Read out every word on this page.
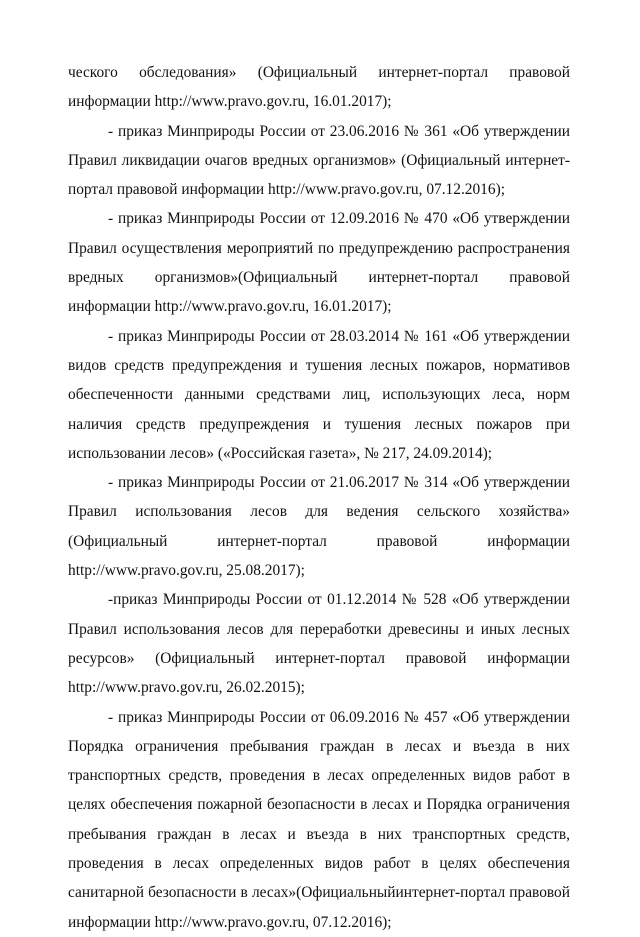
ческого обследования» (Официальный интернет-портал правовой информации http://www.pravo.gov.ru, 16.01.2017);

- приказ Минприроды России от 23.06.2016 № 361 «Об утверждении Правил ликвидации очагов вредных организмов» (Официальный интернет-портал правовой информации http://www.pravo.gov.ru, 07.12.2016);

- приказ Минприроды России от 12.09.2016 № 470 «Об утверждении Правил осуществления мероприятий по предупреждению распространения вредных организмов»(Официальный интернет-портал правовой информации http://www.pravo.gov.ru, 16.01.2017);

- приказ Минприроды России от 28.03.2014 № 161 «Об утверждении видов средств предупреждения и тушения лесных пожаров, нормативов обеспеченности данными средствами лиц, использующих леса, норм наличия средств предупреждения и тушения лесных пожаров при использовании лесов» («Российская газета», № 217, 24.09.2014);

- приказ Минприроды России от 21.06.2017 № 314 «Об утверждении Правил использования лесов для ведения сельского хозяйства» (Официальный интернет-портал правовой информации http://www.pravo.gov.ru, 25.08.2017);

-приказ Минприроды России от 01.12.2014 № 528 «Об утверждении Правил использования лесов для переработки древесины и иных лесных ресурсов» (Официальный интернет-портал правовой информации http://www.pravo.gov.ru, 26.02.2015);

- приказ Минприроды России от 06.09.2016 № 457 «Об утверждении Порядка ограничения пребывания граждан в лесах и въезда в них транспортных средств, проведения в лесах определенных видов работ в целях обеспечения пожарной безопасности в лесах и Порядка ограничения пребывания граждан в лесах и въезда в них транспортных средств, проведения в лесах определенных видов работ в целях обеспечения санитарной безопасности в лесах»(Официальныйинтернет-портал правовой информации http://www.pravo.gov.ru, 07.12.2016);
